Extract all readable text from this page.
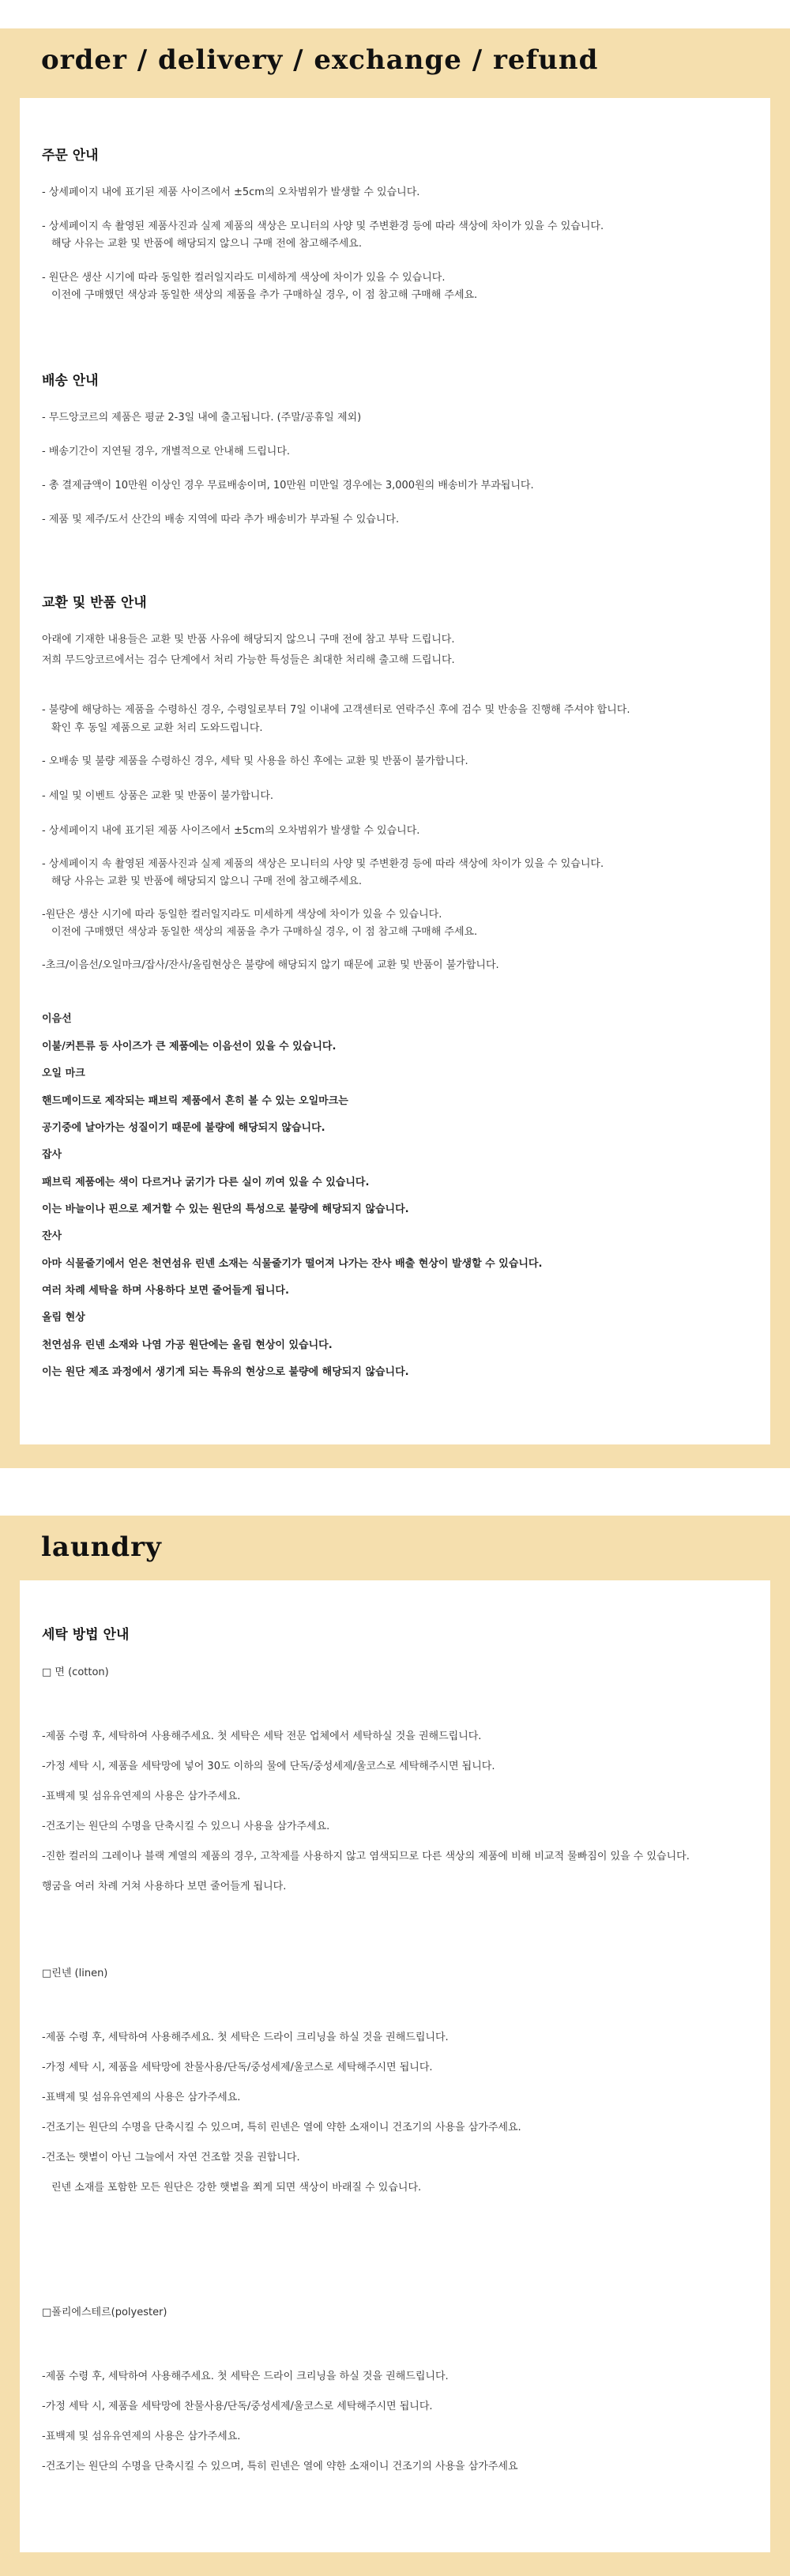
order / delivery / exchange / refund
주문 안내
- 상세페이지 내에 표기된 제품 사이즈에서 ±5cm의 오차범위가 발생할 수 있습니다.
- 상세페이지 속 촬영된 제품사진과 실제 제품의 색상은 모니터의 사양 및 주변환경 등에 따라 색상에 차이가 있을 수 있습니다.
해당 사유는 교환 및 반품에 해당되지 않으니 구매 전에 참고해주세요.
- 원단은 생산 시기에 따라 동일한 컬러일지라도 미세하게 색상에 차이가 있을 수 있습니다.
이전에 구매했던 색상과 동일한 색상의 제품을 추가 구매하실 경우, 이 점 참고해 구매해 주세요.
배송 안내
- 무드앙코르의 제품은 평균 2-3일 내에 출고됩니다. (주말/공휴일 제외)
- 배송기간이 지연될 경우, 개별적으로 안내해 드립니다.
- 총 결제금액이 10만원 이상인 경우 무료배송이며, 10만원 미만일 경우에는 3,000원의 배송비가 부과됩니다.
- 제품 및 제주/도서 산간의 배송 지역에 따라 추가 배송비가 부과될 수 있습니다.
교환 및 반품 안내
아래에 기재한 내용들은 교환 및 반품 사유에 해당되지 않으니 구매 전에 참고 부탁 드립니다.
저희 무드앙코르에서는 검수 단계에서 처리 가능한 특성들은 최대한 처리해 출고해 드립니다.
- 불량에 해당하는 제품을 수령하신 경우, 수령일로부터 7일 이내에 고객센터로 연락주신 후에 검수 및 반송을 진행해 주셔야 합니다.
확인 후 동일 제품으로 교환 처리 도와드립니다.
- 오배송 및 불량 제품을 수령하신 경우, 세탁 및 사용을 하신 후에는 교환 및 반품이 불가합니다.
- 세일 및 이벤트 상품은 교환 및 반품이 불가합니다.
- 상세페이지 내에 표기된 제품 사이즈에서 ±5cm의 오차범위가 발생할 수 있습니다.
- 상세페이지 속 촬영된 제품사진과 실제 제품의 색상은 모니터의 사양 및 주변환경 등에 따라 색상에 차이가 있을 수 있습니다.
해당 사유는 교환 및 반품에 해당되지 않으니 구매 전에 참고해주세요.
-원단은 생산 시기에 따라 동일한 컬러일지라도 미세하게 색상에 차이가 있을 수 있습니다.
이전에 구매했던 색상과 동일한 색상의 제품을 추가 구매하실 경우, 이 점 참고해 구매해 주세요.
-초크/이음선/오일마크/잡사/잔사/올림현상은 불량에 해당되지 않기 때문에 교환 및 반품이 불가합니다.
이음선
이불/커튼류 등 사이즈가 큰 제품에는 이음선이 있을 수 있습니다.
오일 마크
핸드메이드로 제작되는 패브릭 제품에서 흔히 볼 수 있는 오일마크는
공기중에 날아가는 성질이기 때문에 불량에 해당되지 않습니다.
잡사
패브릭 제품에는 색이 다르거나 굵기가 다른 실이 끼여 있을 수 있습니다.
이는 바늘이나 핀으로 제거할 수 있는 원단의 특성으로 불량에 해당되지 않습니다.
잔사
아마 식물줄기에서 얻은 천연섬유 린넨 소재는 식물줄기가 떨어져 나가는 잔사 배출 현상이 발생할 수 있습니다.
여러 차례 세탁을 하며 사용하다 보면 줄어들게 됩니다.
올림 현상
천연섬유 린넨 소재와 나염 가공 원단에는 올림 현상이 있습니다.
이는 원단 제조 과정에서 생기게 되는 특유의 현상으로 불량에 해당되지 않습니다.
laundry
세탁 방법 안내
□ 면 (cotton)
-제품 수령 후, 세탁하여 사용해주세요. 첫 세탁은 세탁 전문 업체에서 세탁하실 것을 권해드립니다.
-가정 세탁 시, 제품을 세탁망에 넣어 30도 이하의 물에 단독/중성세제/울코스로 세탁해주시면 됩니다.
-표백제 및 섬유유연제의 사용은 삼가주세요.
-건조기는 원단의 수명을 단축시킬 수 있으니 사용을 삼가주세요.
-진한 컬러의 그레이나 블랙 계열의 제품의 경우, 고착제를 사용하지 않고 염색되므로 다른 색상의 제품에 비해 비교적 물빠짐이 있을 수 있습니다.
행굼을 여러 차례 거쳐 사용하다 보면 줄어들게 됩니다.
□린넨 (linen)
-제품 수령 후, 세탁하여 사용해주세요. 첫 세탁은 드라이 크리닝을 하실 것을 권해드립니다.
-가정 세탁 시, 제품을 세탁망에 찬물사용/단독/중성세제/울코스로 세탁해주시면 됩니다.
-표백제 및 섬유유연제의 사용은 삼가주세요.
-건조기는 원단의 수명을 단축시킬 수 있으며, 특히 린넨은 열에 약한 소재이니 건조기의 사용을 삼가주세요.
-건조는 햇볕이 아닌 그늘에서 자연 건조할 것을 권합니다.
린넨 소재를 포함한 모든 원단은 강한 햇볕을 쬐게 되면 색상이 바래질 수 있습니다.
□폴리에스테르(polyester)
-제품 수령 후, 세탁하여 사용해주세요. 첫 세탁은 드라이 크리닝을 하실 것을 권해드립니다.
-가정 세탁 시, 제품을 세탁망에 찬물사용/단독/중성세제/울코스로 세탁해주시면 됩니다.
-표백제 및 섬유유연제의 사용은 삼가주세요.
-건조기는 원단의 수명을 단축시킬 수 있으며, 특히 린넨은 열에 약한 소재이니 건조기의 사용을 삼가주세요
